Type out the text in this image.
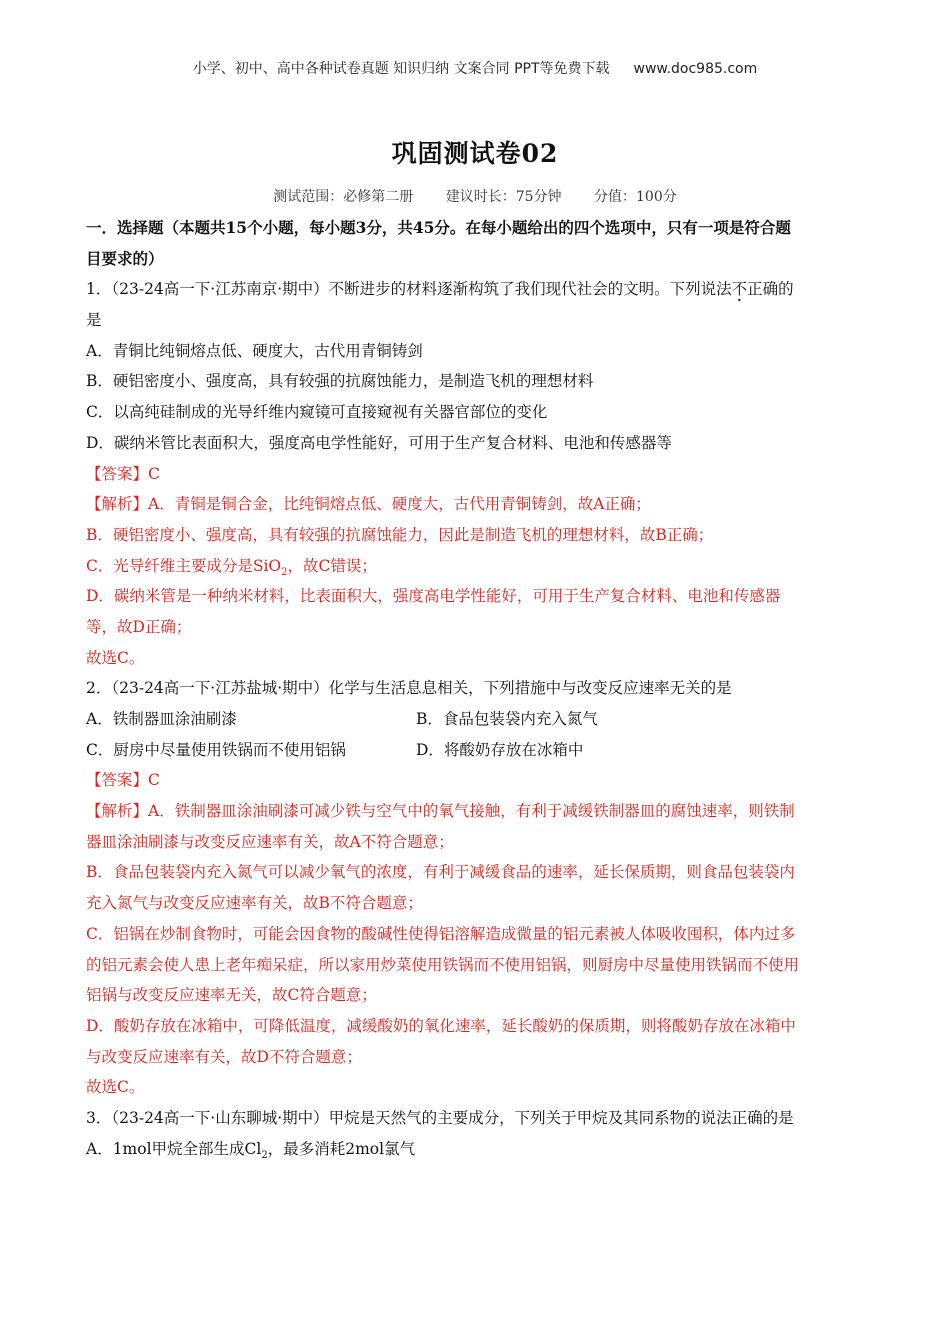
小学、初中、高中各种试卷真题 知识归纳 文案合同 PPT等免费下载 www.doc985.com
巩固测试卷02
测试范围：必修第二册 建议时长：75分钟 分值：100分
一．选择题（本题共15个小题，每小题3分，共45分。在每小题给出的四个选项中，只有一项是符合题
目要求的）
1．（23-24高一下·江苏南京·期中）不断进步的材料逐渐构筑了我们现代社会的文明。下列说法不正确的
是
A．青铜比纯铜熔点低、硬度大，古代用青铜铸剑
B．硬铝密度小、强度高，具有较强的抗腐蚀能力，是制造飞机的理想材料
C．以高纯硅制成的光导纤维内窥镜可直接窥视有关器官部位的变化
D．碳纳米管比表面积大，强度高电学性能好，可用于生产复合材料、电池和传感器等
【答案】C
【解析】A．青铜是铜合金，比纯铜熔点低、硬度大，古代用青铜铸剑，故A正确；
B．硬铝密度小、强度高，具有较强的抗腐蚀能力，因此是制造飞机的理想材料，故B正确；
C．光导纤维主要成分是SiO$_2$，故C错误；
D．碳纳米管是一种纳米材料，比表面积大，强度高电学性能好，可用于生产复合材料、电池和传感器
等，故D正确；
故选C。
2．（23-24高一下·江苏盐城·期中）化学与生活息息相关，下列措施中与改变反应速率无关的是
A．铁制器皿涂油刷漆	B．食品包装袋内充入氮气
C．厨房中尽量使用铁锅而不使用铝锅	D．将酸奶存放在冰箱中
【答案】C
【解析】A．铁制器皿涂油刷漆可减少铁与空气中的氧气接触，有利于减缓铁制器皿的腐蚀速率，则铁制
器皿涂油刷漆与改变反应速率有关，故A不符合题意；
B．食品包装袋内充入氮气可以减少氧气的浓度，有利于减缓食品的速率，延长保质期，则食品包装袋内
充入氮气与改变反应速率有关，故B不符合题意；
C．铝锅在炒制食物时，可能会因食物的酸碱性使得铝溶解造成微量的铝元素被人体吸收囤积，体内过多
的铝元素会使人患上老年痴呆症，所以家用炒菜使用铁锅而不使用铝锅，则厨房中尽量使用铁锅而不使用
铝锅与改变反应速率无关，故C符合题意；
D．酸奶存放在冰箱中，可降低温度，减缓酸奶的氧化速率，延长酸奶的保质期，则将酸奶存放在冰箱中
与改变反应速率有关，故D不符合题意；
故选C。
3．（23-24高一下·山东聊城·期中）甲烷是天然气的主要成分，下列关于甲烷及其同系物的说法正确的是
A．1mol甲烷全部生成$Cl_2$，最多消耗2mol氯气
